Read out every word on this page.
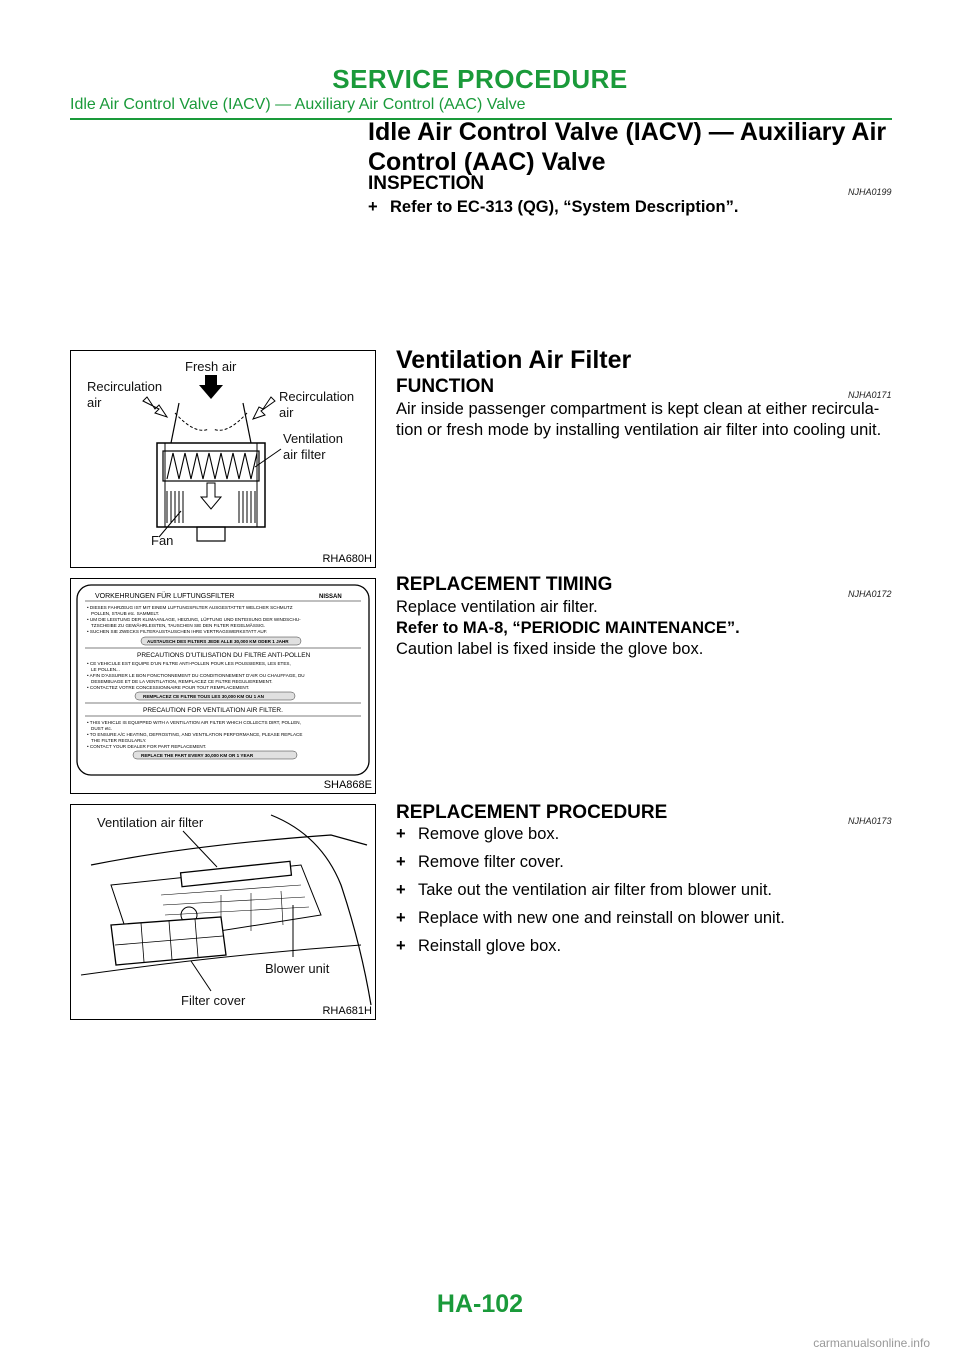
SERVICE PROCEDURE
Idle Air Control Valve (IACV) — Auxiliary Air Control (AAC) Valve
Idle Air Control Valve (IACV) — Auxiliary Air
Control (AAC) Valve
INSPECTION	NJHA0199
+ Refer to EC-313 (QG), “System Description”.
Fresh air
Recirculation
air	Recirculation
air
Ventilation
air filter
Fan
RHA680H
Ventilation Air Filter
FUNCTION	NJHA0171
Air inside passenger compartment is kept clean at either recircula-
tion or fresh mode by installing ventilation air filter into cooling unit.
VORKEHRUNGEN FÜR LUFTUNGSFILTER	NISSAN
• DIESES FAHRZEUG IST MIT EINEM LUFTUNGSFILTER AUSGESTATTET WELCHER SCHMUTZ
POLLEN, STAUB etc. SAMMELT.
• UM DIE LEISTUNG DER KLIMAANLAGE, HEIZUNG, LÜFTUNG UND ENTEISUNG DER WINDSCHU-
TZSCHEIBE ZU GEWÄHRLEISTEN, TAUSCHEN SIE DEN FILTER REGELMÄSSIG.
• SUCHEN SIE ZWECKS FILTERAUSTAUSCHEN IHRE VERTRAGSWERKSTATT AUF.
AUSTAUSCH DES FILTERS JEDE ALLE 30,000 KM ODER 1 JAHR
PRECAUTIONS D'UTILISATION DU FILTRE ANTI-POLLEN
• CE VEHICULE EST EQUIPE D'UN FILTRE ANTI-POLLEN POUR LES POUSSIERES, LES ETES,
LE POLLEN...
• AFIN D'ASSURER LE BON FONCTIONNEMENT DU CONDITIONNEMENT D'AIR OU CHAUFFAGE, DU
DESEMBUAGE ET DE LA VENTILATION, REMPLACEZ CE FILTRE REGULIEREMENT.
• CONTACTEZ VOTRE CONCESSIONNAIRE POUR TOUT REMPLACEMENT.
REMPLACEZ CE FILTRE TOUS LES 30,000 KM OU 1 AN
PRECAUTION FOR VENTILATION AIR FILTER.
• THIS VEHICLE IS EQUIPPED WITH A VENTILATION AIR FILTER WHICH COLLECTS DIRT, POLLEN,
DUST etc.
• TO ENSURE A/C HEATING, DEFROSTING, AND VENTILATION PERFORMANCE, PLEASE REPLACE
THE FILTER REGULARLY.
• CONTACT YOUR DEALER FOR PART REPLACEMENT.
REPLACE THE PART EVERY 30,000 KM OR 1 YEAR
SHA868E
REPLACEMENT TIMING	NJHA0172
Replace ventilation air filter.
Refer to MA-8, “PERIODIC MAINTENANCE”.
Caution label is fixed inside the glove box.
Ventilation air filter
Blower unit
Filter cover
RHA681H
REPLACEMENT PROCEDURE	NJHA0173
+ Remove glove box.
+ Remove filter cover.
+ Take out the ventilation air filter from blower unit.
+ Replace with new one and reinstall on blower unit.
+ Reinstall glove box.
HA-102
carmanualsonline.info
